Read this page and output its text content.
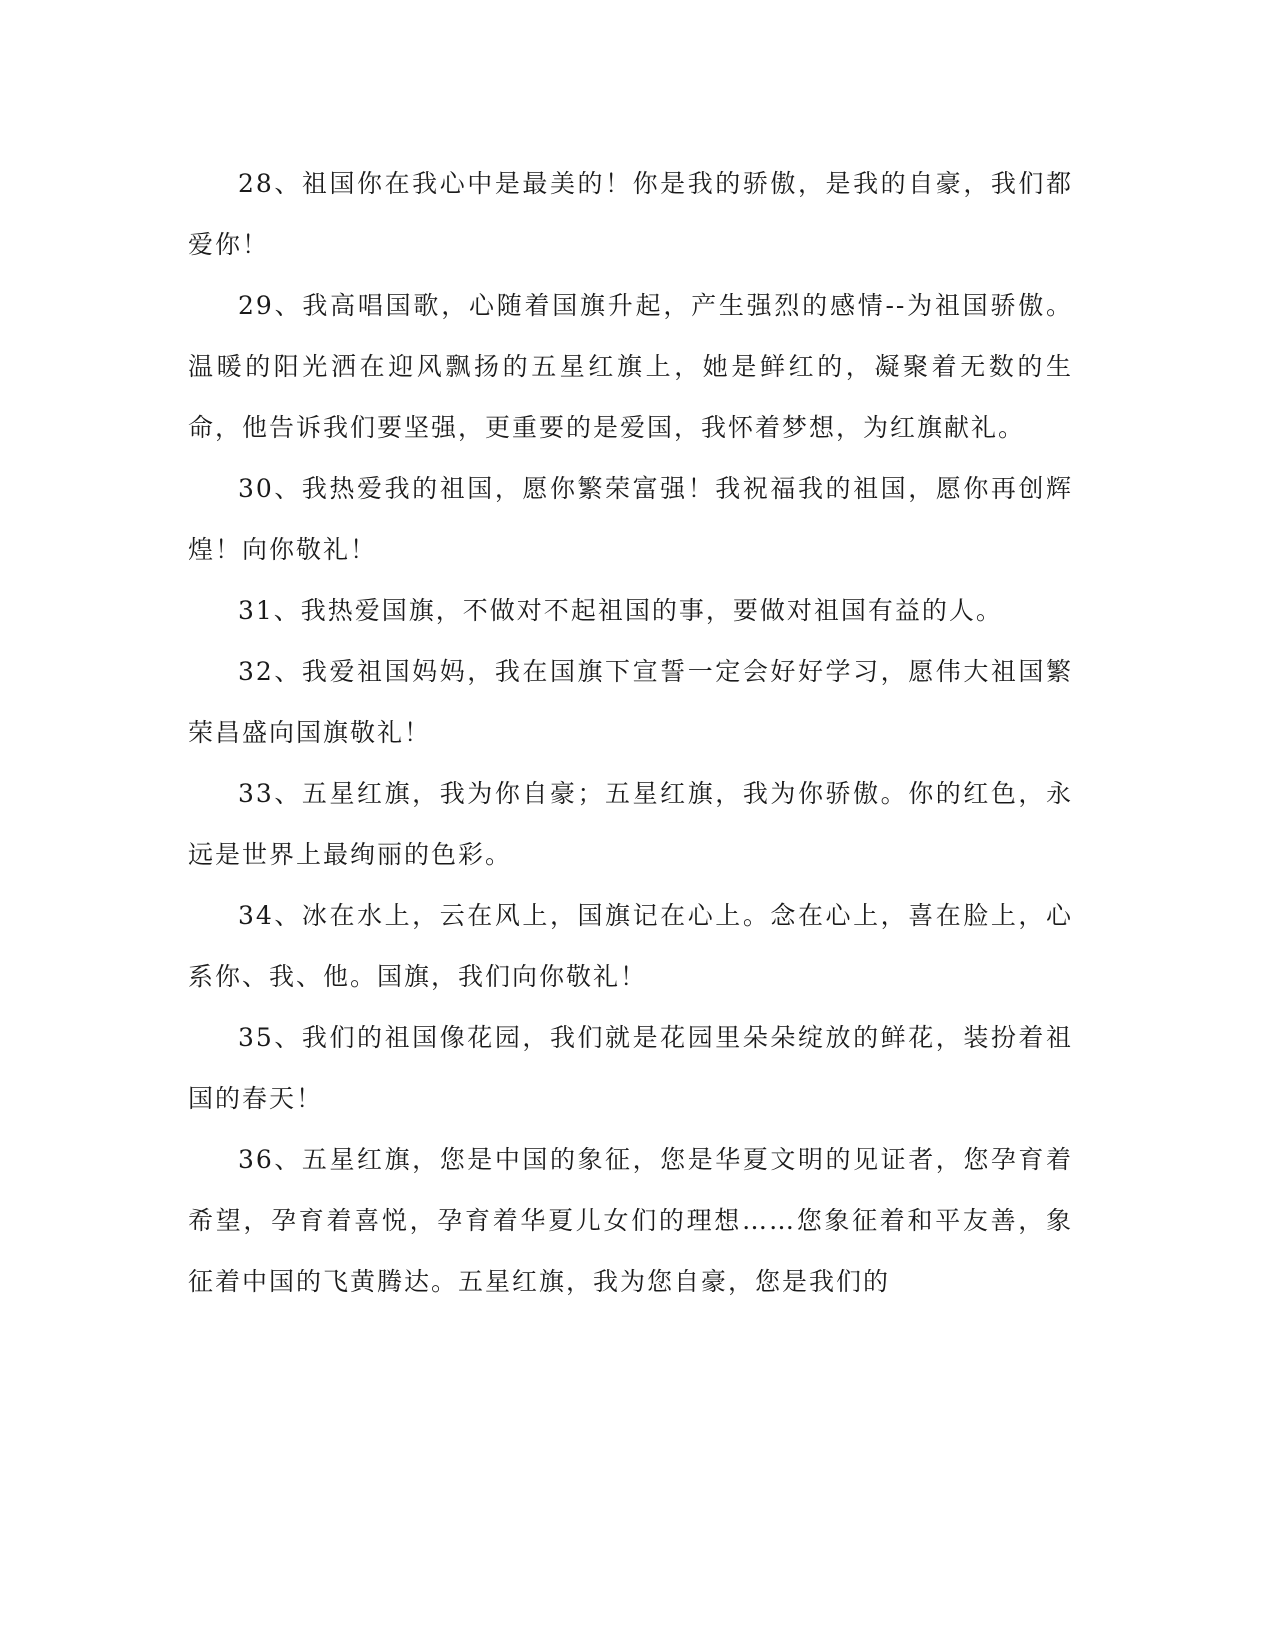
28、祖国你在我心中是最美的！你是我的骄傲，是我的自豪，我们都爱你！

29、我高唱国歌，心随着国旗升起，产生强烈的感情--为祖国骄傲。温暖的阳光洒在迎风飘扬的五星红旗上，她是鲜红的，凝聚着无数的生命，他告诉我们要坚强，更重要的是爱国，我怀着梦想，为红旗献礼。

30、我热爱我的祖国，愿你繁荣富强！我祝福我的祖国，愿你再创辉煌！向你敬礼！

31、我热爱国旗，不做对不起祖国的事，要做对祖国有益的人。

32、我爱祖国妈妈，我在国旗下宣誓一定会好好学习，愿伟大祖国繁荣昌盛向国旗敬礼！

33、五星红旗，我为你自豪；五星红旗，我为你骄傲。你的红色，永远是世界上最绚丽的色彩。

34、冰在水上，云在风上，国旗记在心上。念在心上，喜在脸上，心系你、我、他。国旗，我们向你敬礼！

35、我们的祖国像花园，我们就是花园里朵朵绽放的鲜花，装扮着祖国的春天！

36、五星红旗，您是中国的象征，您是华夏文明的见证者，您孕育着希望，孕育着喜悦，孕育着华夏儿女们的理想……您象征着和平友善，象征着中国的飞黄腾达。五星红旗，我为您自豪，您是我们的
